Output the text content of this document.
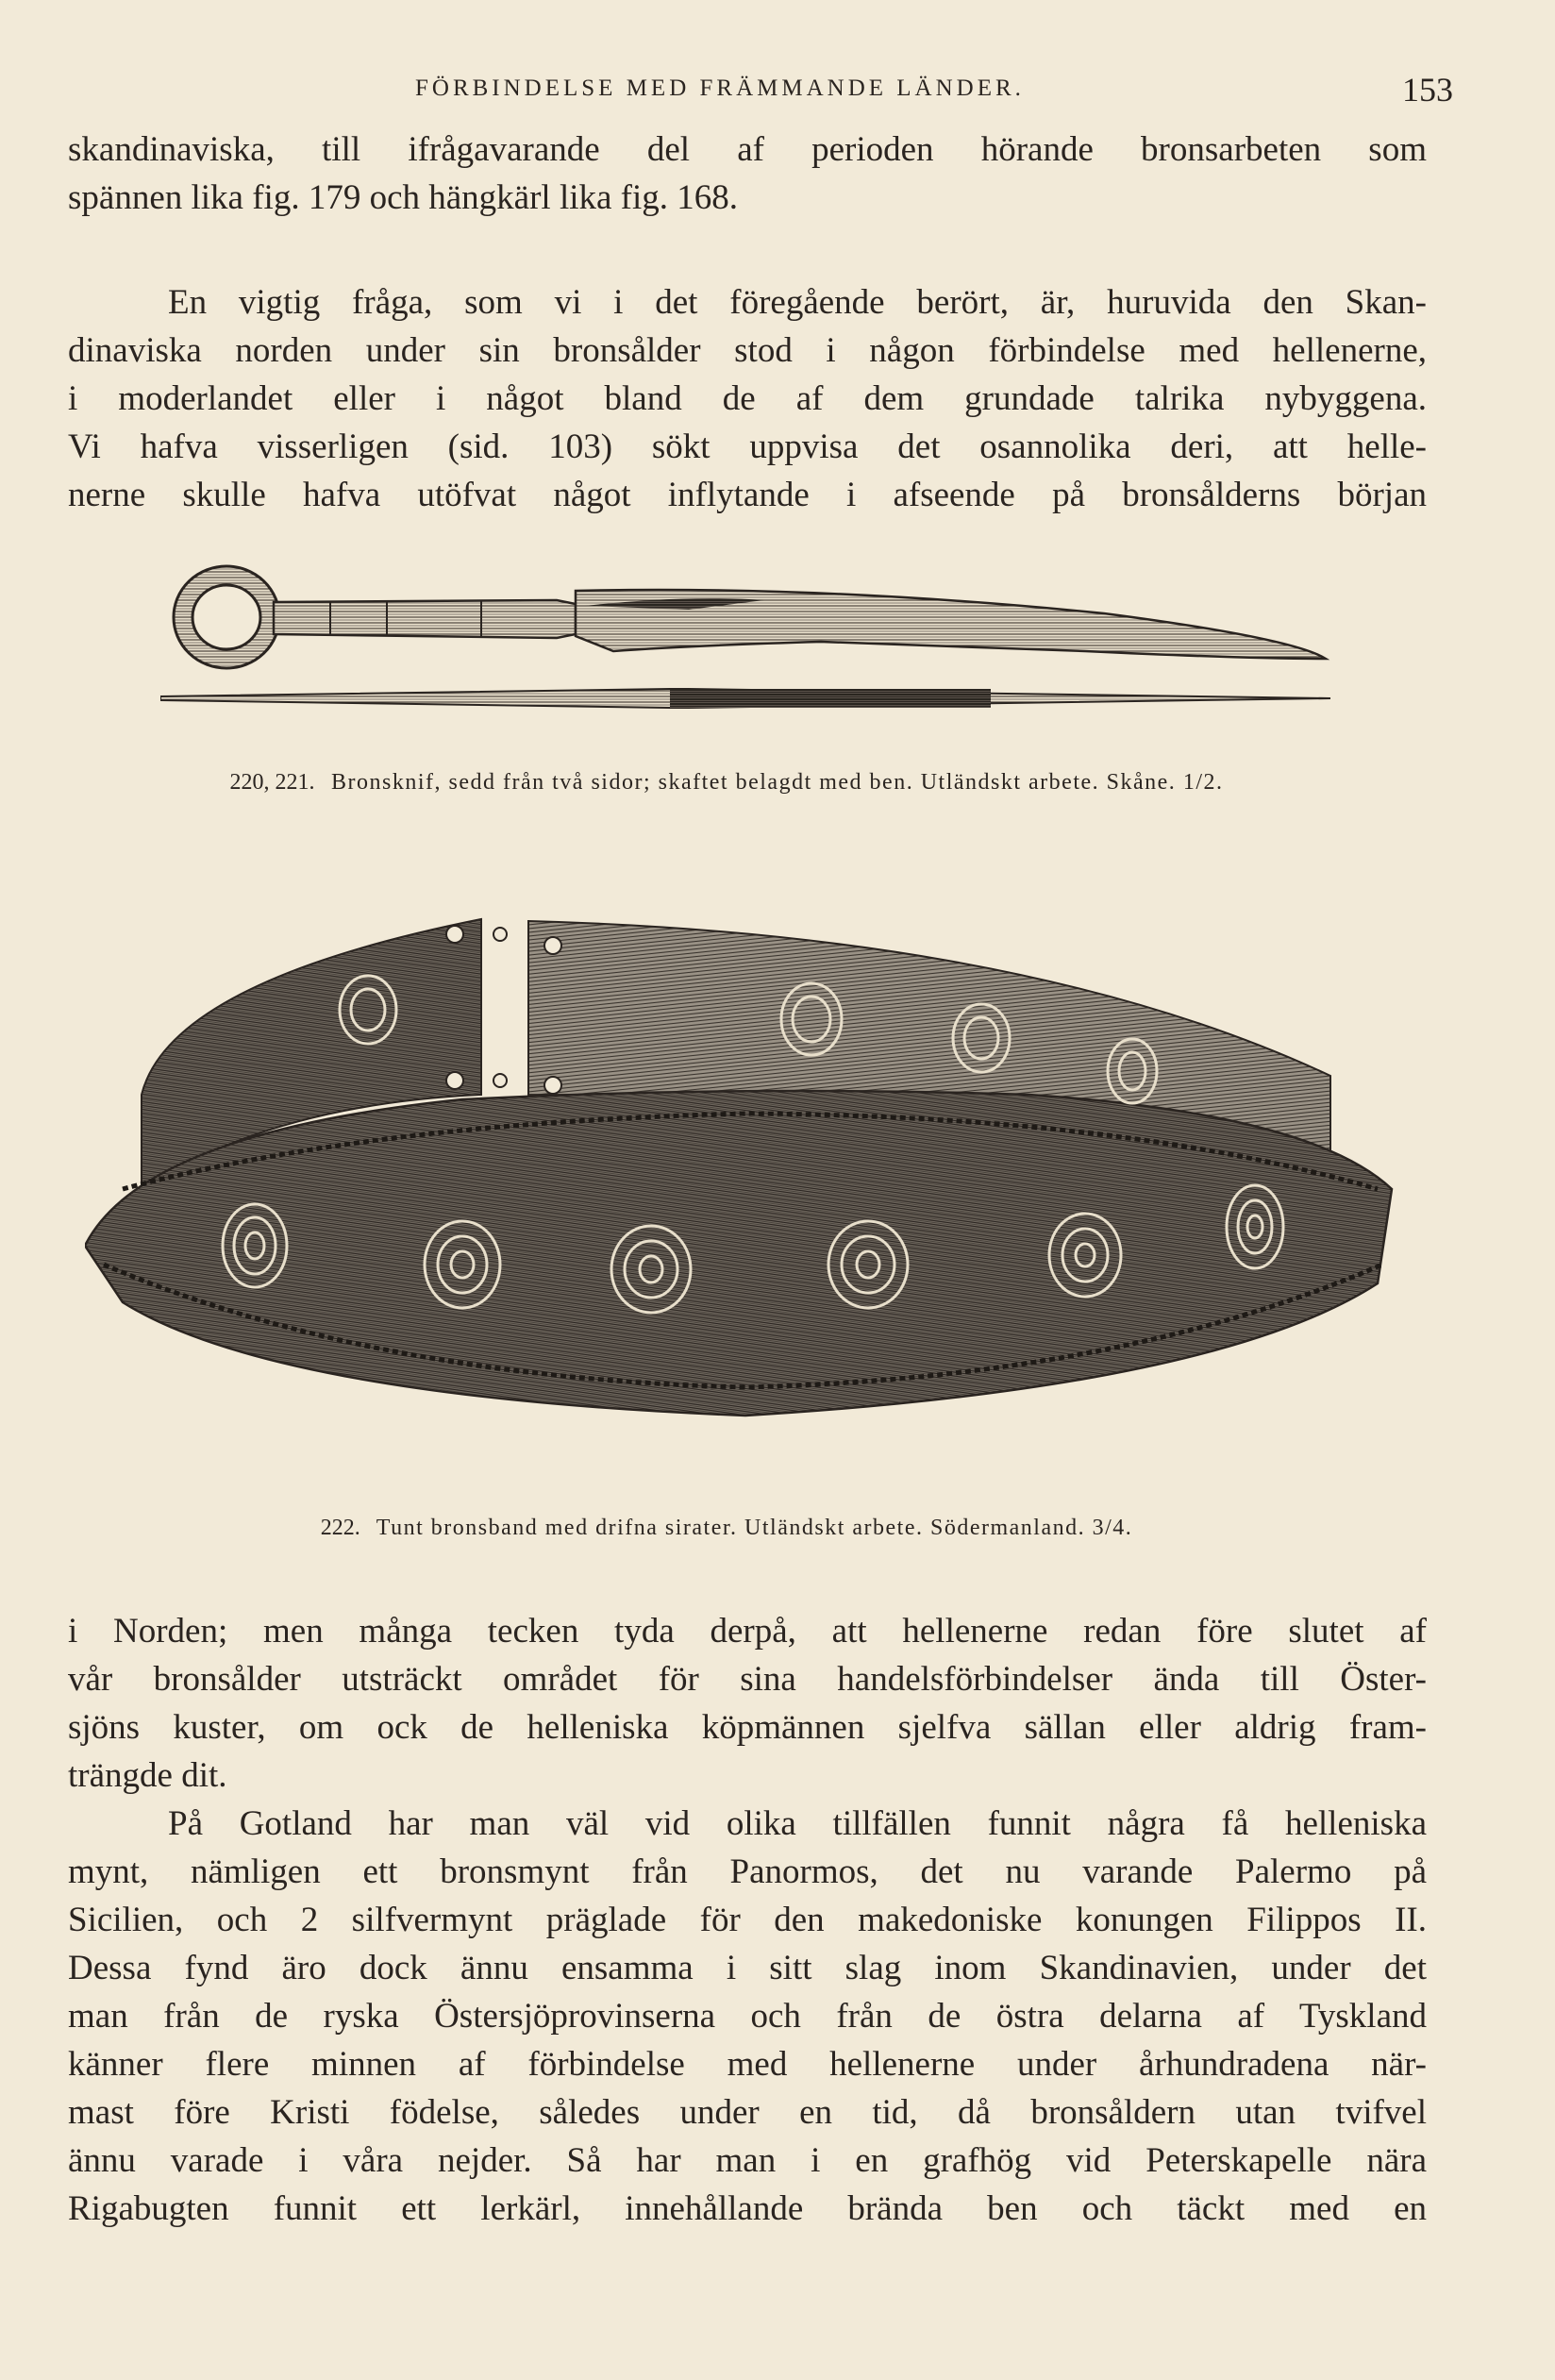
FÖRBINDELSE MED FRÄMMANDE LÄNDER.	153
skandinaviska, till ifrågavarande del af perioden hörande bronsarbeten som
spännen lika fig. 179 och hängkärl lika fig. 168.
En vigtig fråga, som vi i det föregående berört, är, huruvida den Skan-
dinaviska norden under sin bronsålder stod i någon förbindelse med hellenerne,
i moderlandet eller i något bland de af dem grundade talrika nybyggena.
Vi hafva visserligen (sid. 103) sökt uppvisa det osannolika deri, att helle-
nerne skulle hafva utöfvat något inflytande i afseende på bronsålderns början
220, 221. Bronsknif, sedd från två sidor; skaftet belagdt med ben. Utländskt arbete. Skåne. 1/2.
222. Tunt bronsband med drifna sirater. Utländskt arbete. Södermanland. 3/4.
i Norden; men många tecken tyda derpå, att hellenerne redan före slutet af
vår bronsålder utsträckt området för sina handelsförbindelser ända till Öster-
sjöns kuster, om ock de helleniska köpmännen sjelfva sällan eller aldrig fram-
trängde dit.
På Gotland har man väl vid olika tillfällen funnit några få helleniska
mynt, nämligen ett bronsmynt från Panormos, det nu varande Palermo på
Sicilien, och 2 silfvermynt präglade för den makedoniske konungen Filippos II.
Dessa fynd äro dock ännu ensamma i sitt slag inom Skandinavien, under det
man från de ryska Östersjöprovinserna och från de östra delarna af Tyskland
känner flere minnen af förbindelse med hellenerne under århundradena när-
mast före Kristi födelse, således under en tid, då bronsåldern utan tvifvel
ännu varade i våra nejder. Så har man i en grafhög vid Peterskapelle nära
Rigabugten funnit ett lerkärl, innehållande brända ben och täckt med en
